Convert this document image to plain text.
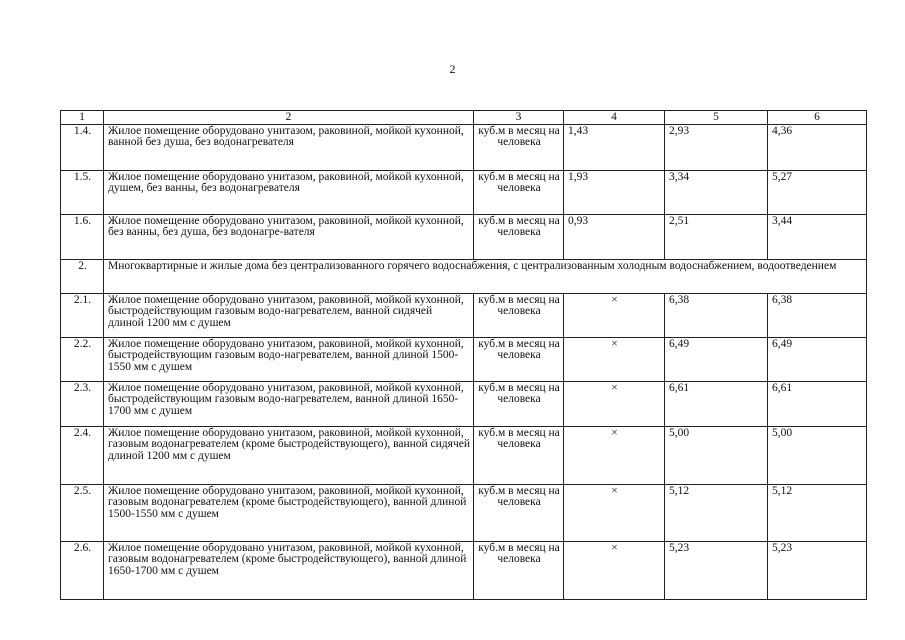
2
1	2	3	4	5	6
1.4.	Жилое помещение оборудовано унитазом, раковиной, мойкой кухонной, ванной без душа, без водонагревателя	куб.м в месяц на человека	1,43	2,93	4,36
1.5.	Жилое помещение оборудовано унитазом, раковиной, мойкой кухонной, душем, без ванны, без водонагревателя	куб.м в месяц на человека	1,93	3,34	5,27
1.6.	Жилое помещение оборудовано унитазом, раковиной, мойкой кухонной, без ванны, без душа, без водонагре-вателя	куб.м в месяц на человека	0,93	2,51	3,44
2.	Многоквартирные и жилые дома без централизованного горячего водоснабжения, с централизованным холодным водоснабжением, водоотведением				
2.1.	Жилое помещение оборудовано унитазом, раковиной, мойкой кухонной, быстродействующим газовым водо-нагревателем, ванной сидячей длиной 1200 мм с душем	куб.м в месяц на человека	×	6,38	6,38
2.2.	Жилое помещение оборудовано унитазом, раковиной, мойкой кухонной, быстродействующим газовым водо-нагревателем, ванной длиной 1500-1550 мм с душем	куб.м в месяц на человека	×	6,49	6,49
2.3.	Жилое помещение оборудовано унитазом, раковиной, мойкой кухонной, быстродействующим газовым водо-нагревателем, ванной длиной 1650-1700 мм с душем	куб.м в месяц на человека	×	6,61	6,61
2.4.	Жилое помещение оборудовано унитазом, раковиной, мойкой кухонной, газовым водонагревателем (кроме быстродействующего), ванной сидячей длиной 1200 мм с душем	куб.м в месяц на человека	×	5,00	5,00
2.5.	Жилое помещение оборудовано унитазом, раковиной, мойкой кухонной, газовым водонагревателем (кроме быстродействующего), ванной длиной 1500-1550 мм с душем	куб.м в месяц на человека	×	5,12	5,12
2.6.	Жилое помещение оборудовано унитазом, раковиной, мойкой кухонной, газовым водонагревателем (кроме быстродействующего), ванной длиной 1650-1700 мм с душем	куб.м в месяц на человека	×	5,23	5,23
